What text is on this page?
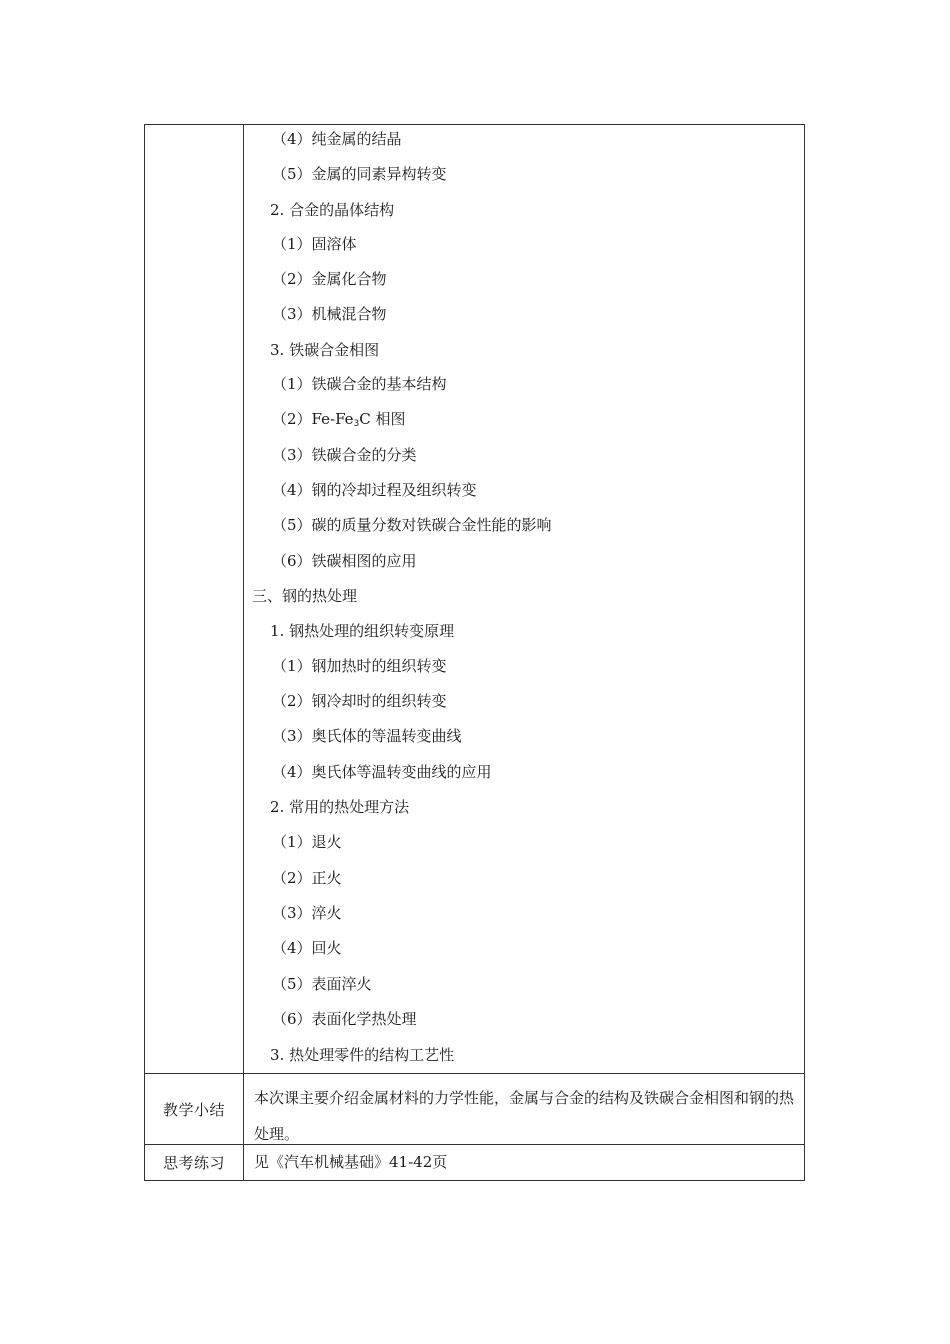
（4）纯金属的结晶
（5）金属的同素异构转变
2. 合金的晶体结构
（1）固溶体
（2）金属化合物
（3）机械混合物
3. 铁碳合金相图
（1）铁碳合金的基本结构
$(2)Fe-Fe_3C$ 相图
（3）铁碳合金的分类
（4）钢的冷却过程及组织转变
（5）碳的质量分数对铁碳合金性能的影响
（6）铁碳相图的应用
三、钢的热处理
1. 钢热处理的组织转变原理
（1）钢加热时的组织转变
（2）钢冷却时的组织转变
（3）奥氏体的等温转变曲线
（4）奥氏体等温转变曲线的应用
2. 常用的热处理方法
（1）退火
（2）正火
（3）淬火
（4）回火
（5）表面淬火
（6）表面化学热处理
3. 热处理零件的结构工艺性
教学小结
本次课主要介绍金属材料的力学性能，金属与合金的结构及铁碳合金相图和钢的热处理。
思考练习	见《汽车机械基础》41-42页
